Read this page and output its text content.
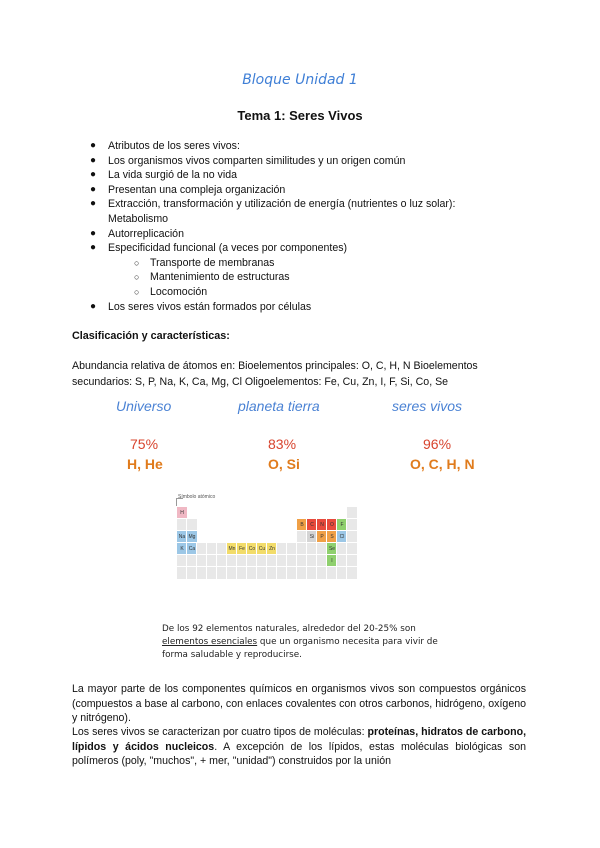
Bloque Unidad 1
Tema 1: Seres Vivos
● Atributos de los seres vivos:
● Los organismos vivos comparten similitudes y un origen común
● La vida surgió de la no vida
● Presentan una compleja organización
● Extracción, transformación y utilización de energía (nutrientes o luz solar):
Metabolismo
● Autorreplicación
● Especificidad funcional (a veces por componentes)
○ Transporte de membranas
○ Mantenimiento de estructuras
○ Locomoción
● Los seres vivos están formados por células
Clasificación y características:
Abundancia relativa de átomos en: Bioelementos principales: O, C, H, N Bioelementos
secundarios: S, P, Na, K, Ca, Mg, Cl Oligoelementos: Fe, Cu, Zn, I, F, Si, Co, Se
Universo	planeta tierra	seres vivos
75%	83%	96%
H, He	O, Si	O, C, H, N
Símbolo atómico
H
B	C	N	O	F
Na Mg	Si	P	S	Cl
K	Ca	Mn Fe Co Cu Zn	Se
I
De los 92 elementos naturales, alrededor del 20-25% son
elementos esenciales que un organismo necesita para vivir de
forma saludable y reproducirse.
La mayor parte de los componentes químicos en organismos vivos son compuestos orgánicos (compuestos a base al carbono, con enlaces covalentes con otros carbonos, hidrógeno, oxígeno y nitrógeno).
Los seres vivos se caracterizan por cuatro tipos de moléculas: proteínas, hidratos de carbono, lípidos y ácidos nucleicos. A excepción de los lípidos, estas moléculas biológicas son polímeros (poly, "muchos", + mer, "unidad") construidos por la unión
